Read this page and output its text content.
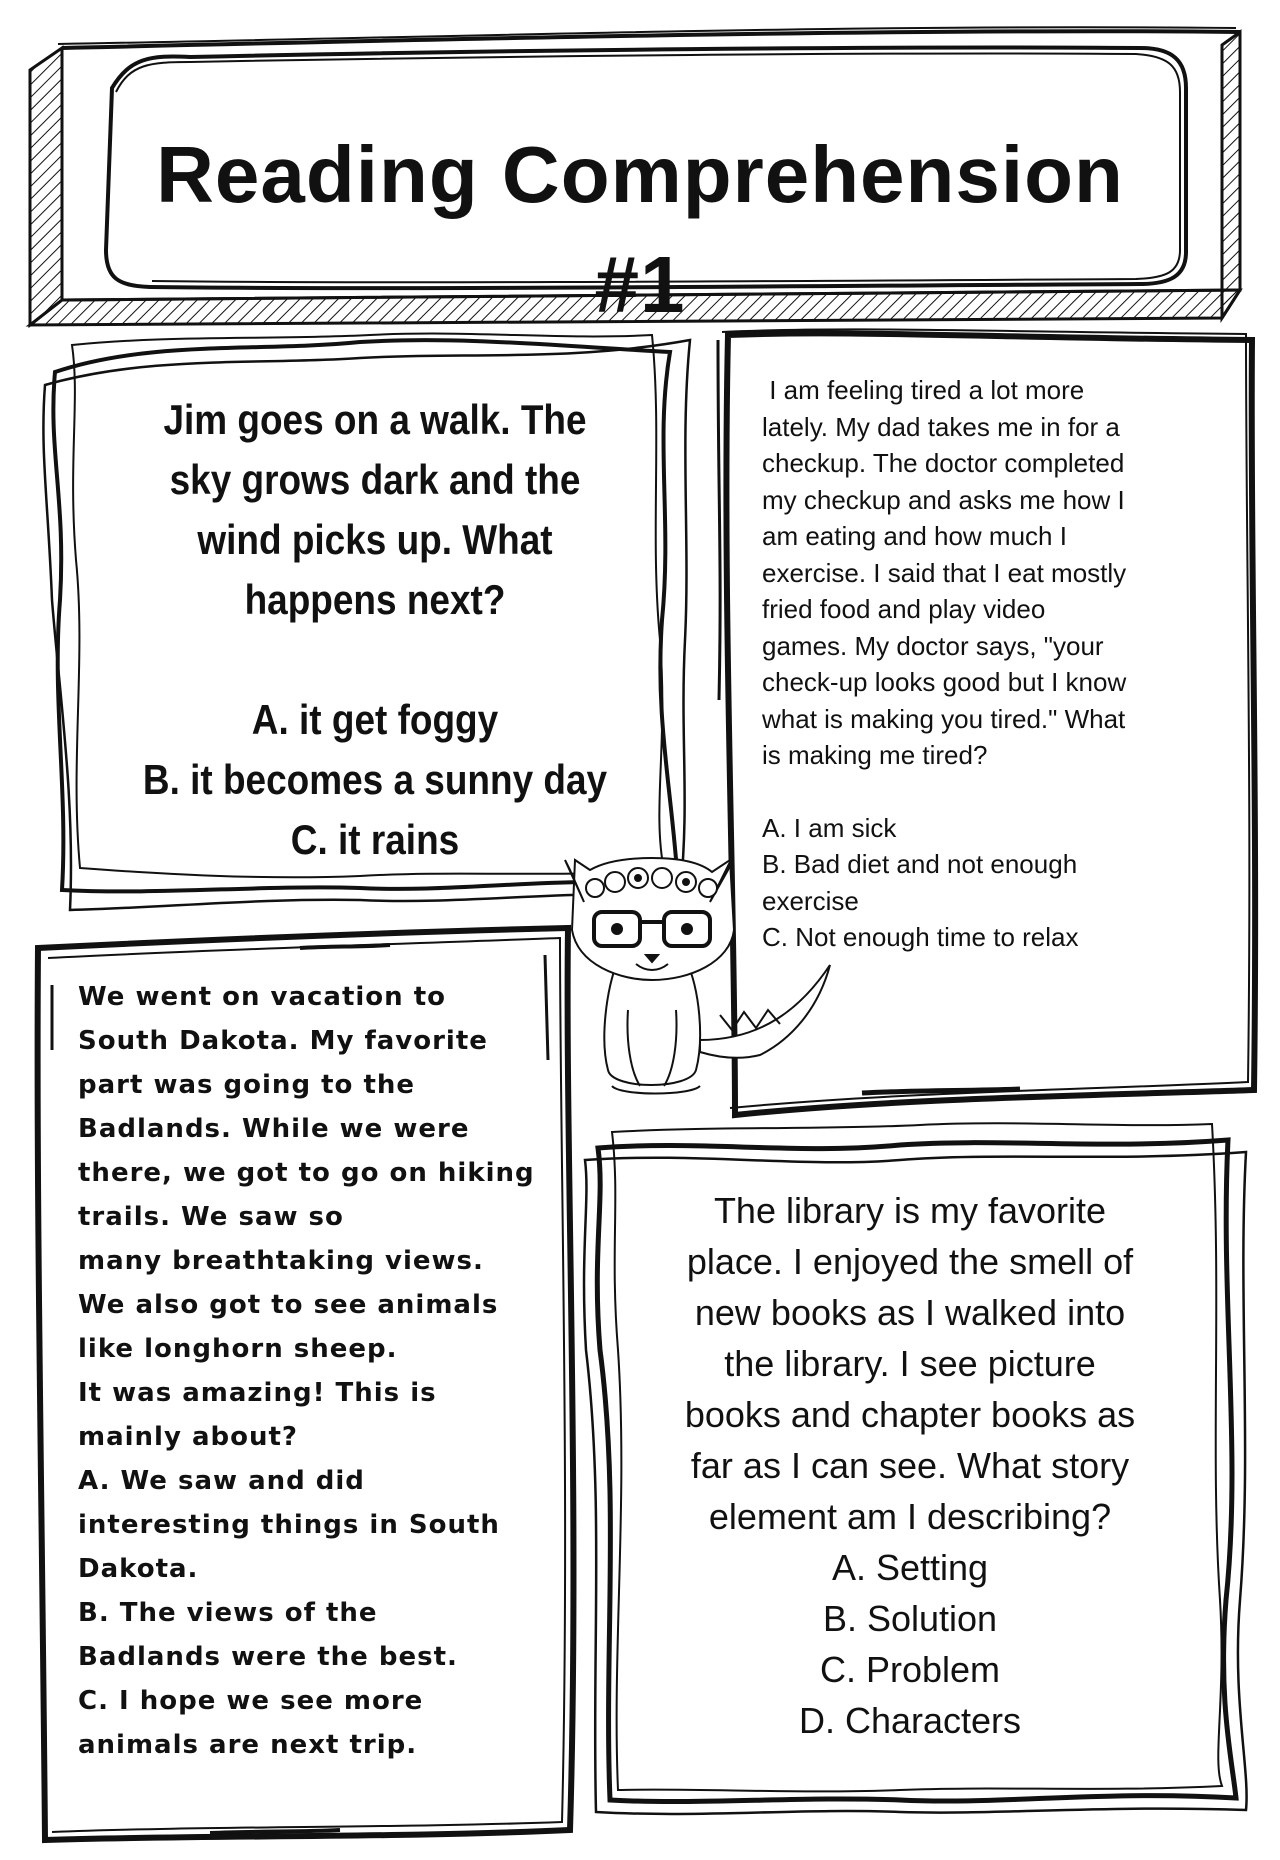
Reading Comprehension #1

Jim goes on a walk. The

sky grows dark and the

wind picks up. What

happens next?

A. it get foggy

B. it becomes a sunny day

C. it rains

I am feeling tired a lot more

lately. My dad takes me in for a

checkup. The doctor completed

my checkup and asks me how I

am eating and how much I

exercise. I said that I eat mostly

fried food and play video

games. My doctor says, "your

check-up looks good but I know

what is making you tired." What

is making me tired?

A. I am sick

B. Bad diet and not enough

exercise

C. Not enough time to relax

We went on vacation to

South Dakota. My favorite

part was going to the

Badlands. While we were

there, we got to go on hiking

trails. We saw so

many breathtaking views.

We also got to see animals

like longhorn sheep.

It was amazing! This is

mainly about?

A. We saw and did

interesting things in South

Dakota.

B. The views of the

Badlands were the best.

C. I hope we see more

animals are next trip.

The library is my favorite

place. I enjoyed the smell of

new books as I walked into

the library. I see picture

books and chapter books as

far as I can see. What story

element am I describing?

A. Setting

B. Solution

C. Problem

D. Characters
